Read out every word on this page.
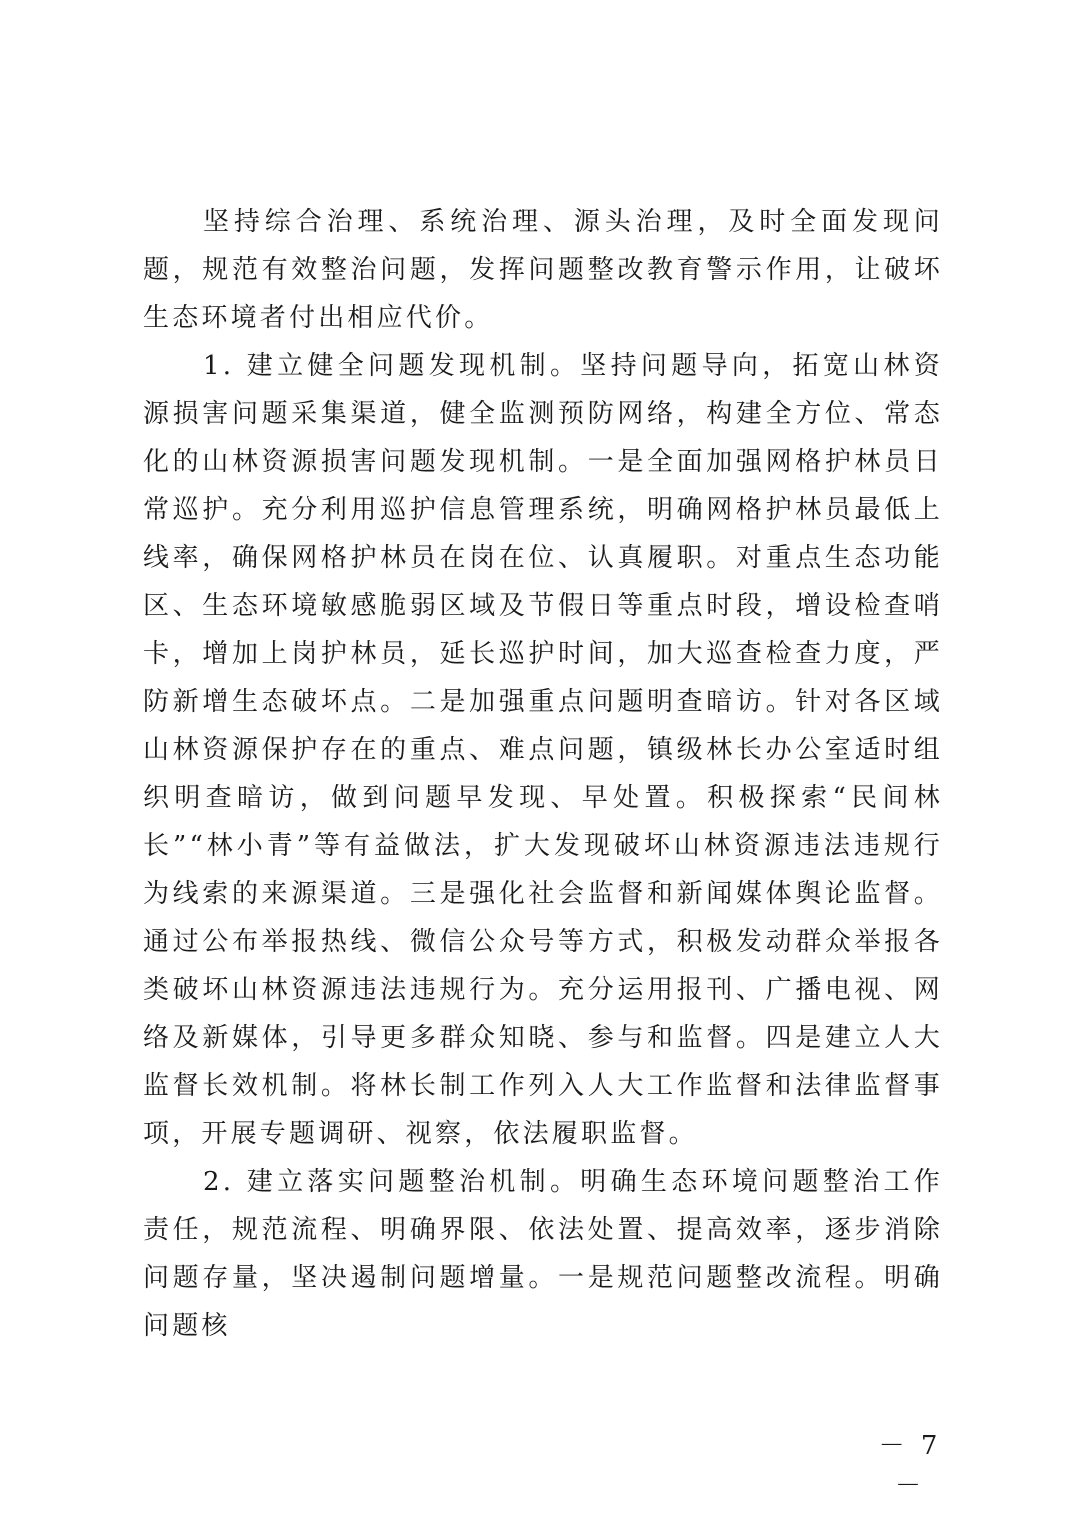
坚持综合治理、系统治理、源头治理，及时全面发现问题，规范有效整治问题，发挥问题整改教育警示作用，让破坏生态环境者付出相应代价。

1. 建立健全问题发现机制。坚持问题导向，拓宽山林资源损害问题采集渠道，健全监测预防网络，构建全方位、常态化的山林资源损害问题发现机制。一是全面加强网格护林员日常巡护。充分利用巡护信息管理系统，明确网格护林员最低上线率，确保网格护林员在岗在位、认真履职。对重点生态功能区、生态环境敏感脆弱区域及节假日等重点时段，增设检查哨卡，增加上岗护林员，延长巡护时间，加大巡查检查力度，严防新增生态破坏点。二是加强重点问题明查暗访。针对各区域山林资源保护存在的重点、难点问题，镇级林长办公室适时组织明查暗访，做到问题早发现、早处置。积极探索“民间林长”“林小青”等有益做法，扩大发现破坏山林资源违法违规行为线索的来源渠道。三是强化社会监督和新闻媒体舆论监督。通过公布举报热线、微信公众号等方式，积极发动群众举报各类破坏山林资源违法违规行为。充分运用报刊、广播电视、网络及新媒体，引导更多群众知晓、参与和监督。四是建立人大监督长效机制。将林长制工作列入人大工作监督和法律监督事项，开展专题调研、视察，依法履职监督。

2. 建立落实问题整治机制。明确生态环境问题整治工作责任，规范流程、明确界限、依法处置、提高效率，逐步消除问题存量，坚决遏制问题增量。一是规范问题整改流程。明确问题核

－ 7 －
